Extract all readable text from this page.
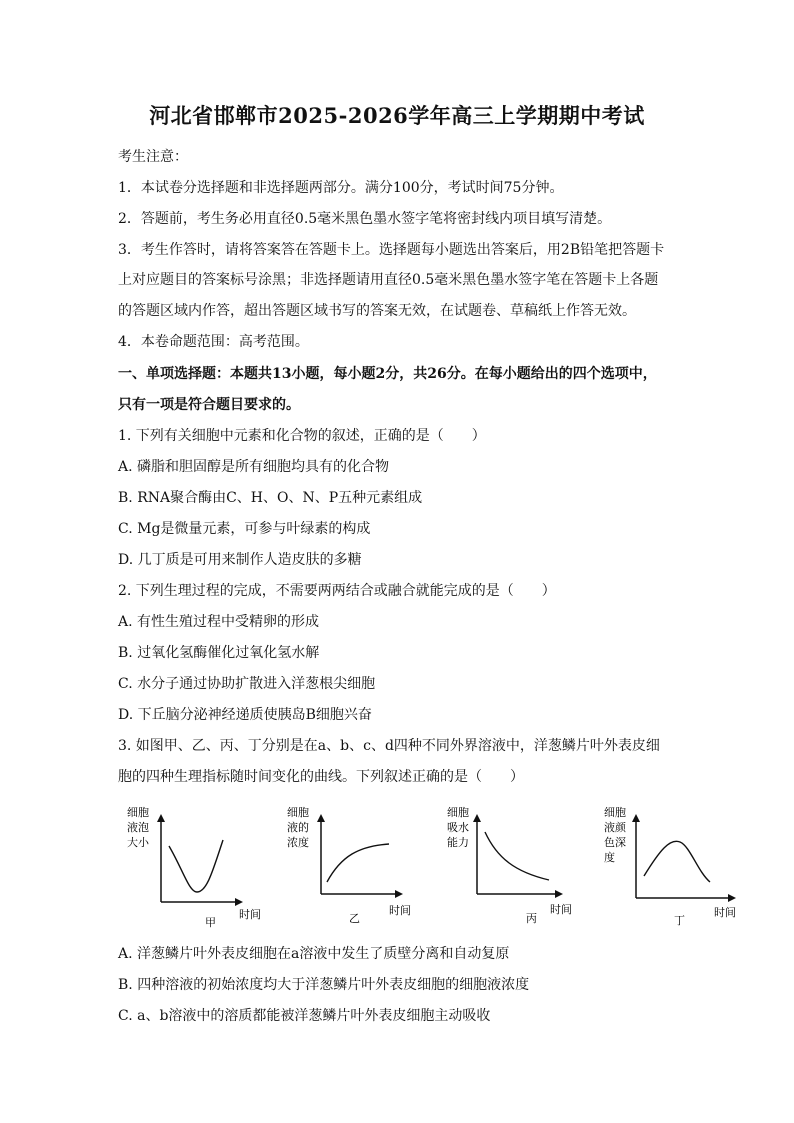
河北省邯郸市2025-2026学年高三上学期期中考试
考生注意：
1．本试卷分选择题和非选择题两部分。满分100分，考试时间75分钟。
2．答题前，考生务必用直径0.5毫米黑色墨水签字笔将密封线内项目填写清楚。
3．考生作答时，请将答案答在答题卡上。选择题每小题选出答案后，用2B铅笔把答题卡
上对应题目的答案标号涂黑；非选择题请用直径0.5毫米黑色墨水签字笔在答题卡上各题
的答题区域内作答，超出答题区域书写的答案无效，在试题卷、草稿纸上作答无效。
4．本卷命题范围：高考范围。
一、单项选择题：本题共13小题，每小题2分，共26分。在每小题给出的四个选项中，
只有一项是符合题目要求的。
1. 下列有关细胞中元素和化合物的叙述，正确的是（　　）
A. 磷脂和胆固醇是所有细胞均具有的化合物
B. RNA聚合酶由C、H、O、N、P五种元素组成
C. Mg是微量元素，可参与叶绿素的构成
D. 几丁质是可用来制作人造皮肤的多糖
2. 下列生理过程的完成，不需要两两结合或融合就能完成的是（　　）
A. 有性生殖过程中受精卵的形成
B. 过氧化氢酶催化过氧化氢水解
C. 水分子通过协助扩散进入洋葱根尖细胞
D. 下丘脑分泌神经递质使胰岛B细胞兴奋
3. 如图甲、乙、丙、丁分别是在a、b、c、d四种不同外界溶液中，洋葱鳞片叶外表皮细
胞的四种生理指标随时间变化的曲线。下列叙述正确的是（　　）
细胞
液泡
大小
时间
甲
细胞
液的
浓度
时间
乙
细胞
吸水
能力
时间
丙
细胞
液颜
色深
度
时间
丁
A. 洋葱鳞片叶外表皮细胞在a溶液中发生了质壁分离和自动复原
B. 四种溶液的初始浓度均大于洋葱鳞片叶外表皮细胞的细胞液浓度
C. a、b溶液中的溶质都能被洋葱鳞片叶外表皮细胞主动吸收
